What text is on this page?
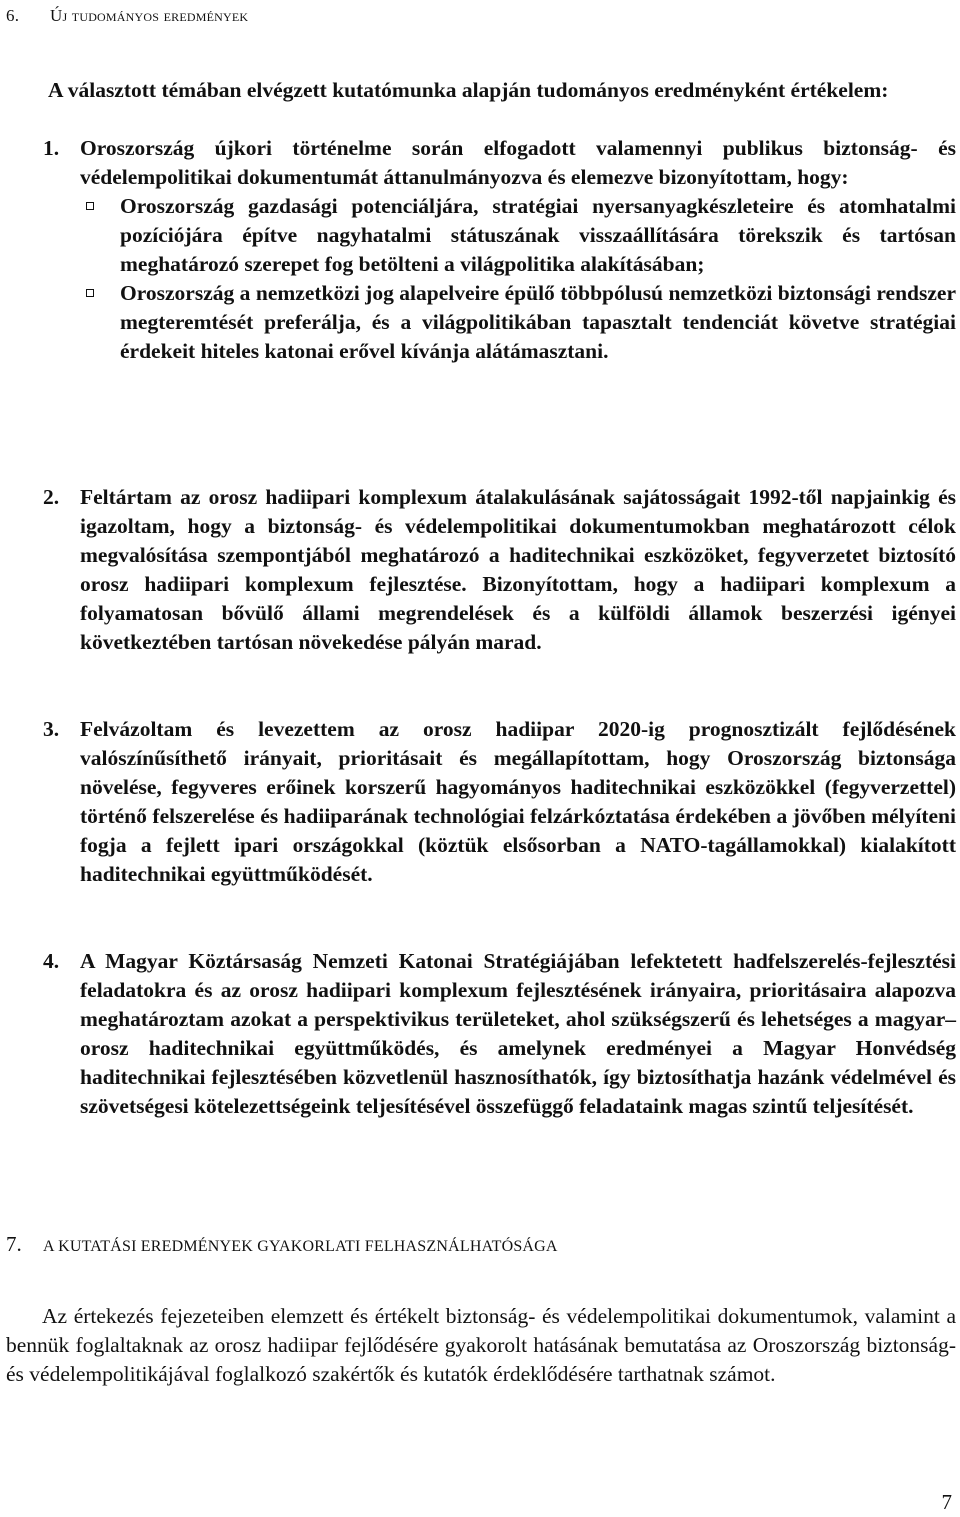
6. Új tudományos eredmények
A választott témában elvégzett kutatómunka alapján tudományos eredményként értékelem:
1. Oroszország újkori történelme során elfogadott valamennyi publikus biztonság- és védelempolitikai dokumentumát áttanulmányozva és elemezve bizonyítottam, hogy:
Oroszország gazdasági potenciáljára, stratégiai nyersanyagkészleteire és atomhatalmi pozíciójára építve nagyhatalmi státuszának visszaállítására törekszik és tartósan meghatározó szerepet fog betölteni a világpolitika alakításában;
Oroszország a nemzetközi jog alapelveire épülő többpólusú nemzetközi biztonsági rendszer megteremtését preferálja, és a világpolitikában tapasztalt tendenciát követve stratégiai érdekeit hiteles katonai erővel kívánja alátámasztani.
2. Feltártam az orosz hadiipari komplexum átalakulásának sajátosságait 1992-től napjainkig és igazoltam, hogy a biztonság- és védelempolitikai dokumentumokban meghatározott célok megvalósítása szempontjából meghatározó a haditechnikai eszközöket, fegyverzetet biztosító orosz hadiipari komplexum fejlesztése. Bizonyítottam, hogy a hadiipari komplexum a folyamatosan bővülő állami megrendelések és a külföldi államok beszerzési igényei következtében tartósan növekedése pályán marad.
3. Felvázoltam és levezettem az orosz hadiipar 2020-ig prognosztizált fejlődésének valószínűsíthető irányait, prioritásait és megállapítottam, hogy Oroszország biztonsága növelése, fegyveres erőinek korszerű hagyományos haditechnikai eszközökkel (fegyverzettel) történő felszerelése és hadiiparának technológiai felzárkóztatása érdekében a jövőben mélyíteni fogja a fejlett ipari országokkal (köztük elsősorban a NATO-tagállamokkal) kialakított haditechnikai együttműködését.
4. A Magyar Köztársaság Nemzeti Katonai Stratégiájában lefektetett hadfelszerelés-fejlesztési feladatokra és az orosz hadiipari komplexum fejlesztésének irányaira, prioritásaira alapozva meghatároztam azokat a perspektivikus területeket, ahol szükségszerű és lehetséges a magyar–orosz haditechnikai együttműködés, és amelynek eredményei a Magyar Honvédség haditechnikai fejlesztésében közvetlenül hasznosíthatók, így biztosíthatja hazánk védelmével és szövetségesi kötelezettségeink teljesítésével összefüggő feladataink magas szintű teljesítését.
7. A KUTATÁSI EREDMÉNYEK GYAKORLATI FELHASZNÁLHATÓSÁGA
Az értekezés fejezeteiben elemzett és értékelt biztonság- és védelempolitikai dokumentumok, valamint a bennük foglaltaknak az orosz hadiipar fejlődésére gyakorolt hatásának bemutatása az Oroszország biztonság- és védelempolitikájával foglalkozó szakértők és kutatók érdeklődésére tarthatnak számot.
7
